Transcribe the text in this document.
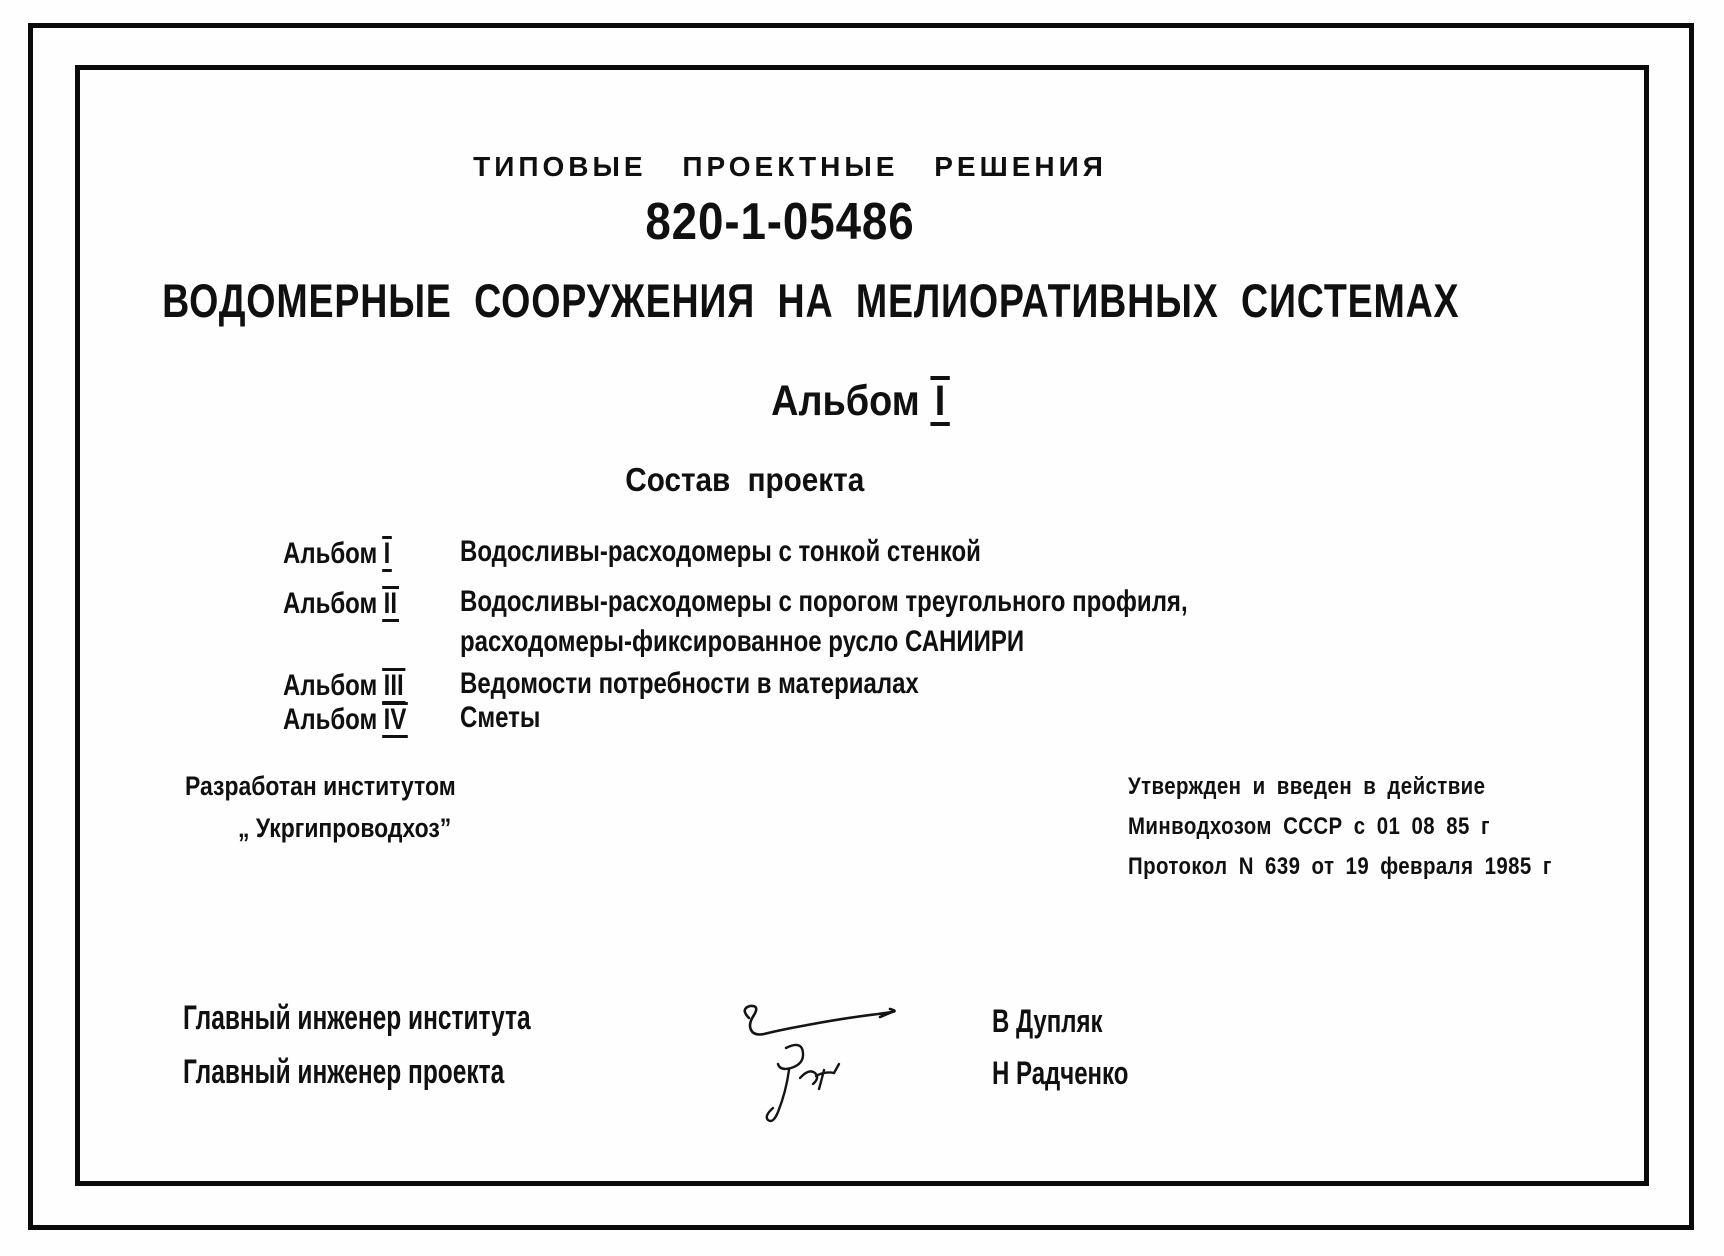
ТИПОВЫЕ ПРОЕКТНЫЕ РЕШЕНИЯ
820-1-05486
ВОДОМЕРНЫЕ СООРУЖЕНИЯ НА МЕЛИОРАТИВНЫХ СИСТЕМАХ
Альбом I
Состав проекта
Альбом I	Водосливы-расходомеры с тонкой стенкой
Альбом II	Водосливы-расходомеры с порогом треугольного профиля,
расходомеры-фиксированное русло САНИИРИ
Альбом III	Ведомости потребности в материалах
Альбом IV	Сметы
Разработан институтом
„ Укргипроводхоз”
Утвержден и введен в действие
Минводхозом СССР с 01 08 85 г
Протокол N 639 от 19 февраля 1985 г
Главный инженер института	В Дупляк
Главный инженер проекта	Н Радченко
